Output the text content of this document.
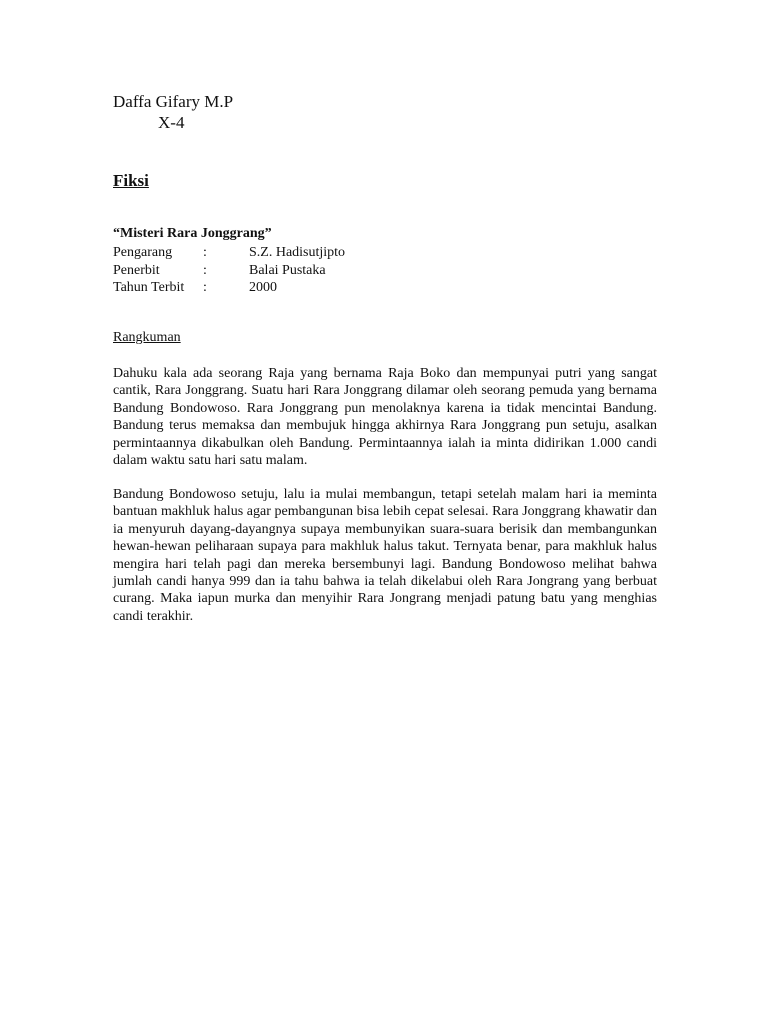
Daffa Gifary M.P
X-4
Fiksi
“Misteri Rara Jonggrang”
Pengarang	:	S.Z. Hadisutjipto
Penerbit	:	Balai Pustaka
Tahun Terbit	:	2000
Rangkuman

Dahuku kala ada seorang Raja yang bernama Raja Boko dan mempunyai putri yang sangat cantik, Rara Jonggrang. Suatu hari Rara Jonggrang dilamar oleh seorang pemuda yang bernama Bandung Bondowoso. Rara Jonggrang pun menolaknya karena ia tidak mencintai Bandung. Bandung terus memaksa dan membujuk hingga akhirnya Rara Jonggrang pun setuju, asalkan permintaannya dikabulkan oleh Bandung. Permintaannya ialah ia minta didirikan 1.000 candi dalam waktu satu hari satu malam.

Bandung Bondowoso setuju, lalu ia mulai membangun, tetapi setelah malam hari ia meminta bantuan makhluk halus agar pembangunan bisa lebih cepat selesai. Rara Jonggrang khawatir dan ia menyuruh dayang-dayangnya supaya membunyikan suara-suara berisik dan membangunkan hewan-hewan peliharaan supaya para makhluk halus takut. Ternyata benar, para makhluk halus mengira hari telah pagi dan mereka bersembunyi lagi. Bandung Bondowoso melihat bahwa jumlah candi hanya 999 dan ia tahu bahwa ia telah dikelabui oleh Rara Jongrang yang berbuat curang. Maka iapun murka dan menyihir Rara Jongrang menjadi patung batu yang menghias candi terakhir.
